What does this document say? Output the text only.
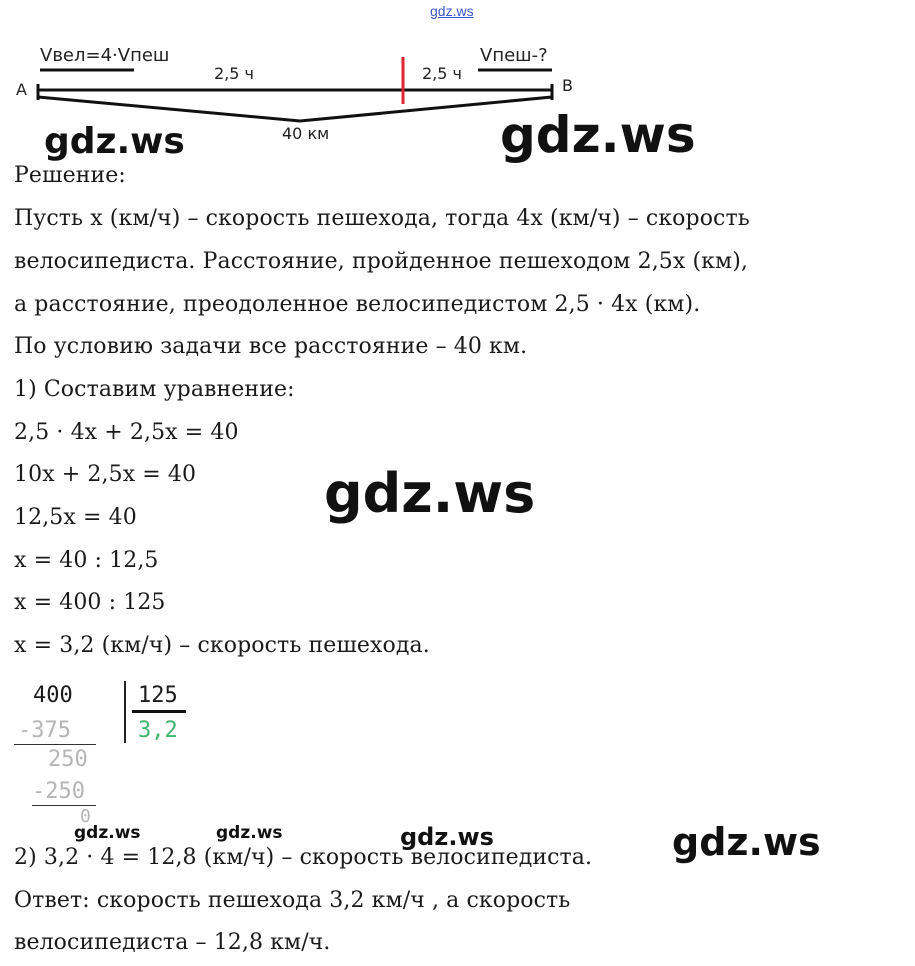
gdz.ws
Vвел=4·Vпеш	Vпеш-?
2,5 ч	2,5 ч
A	B
40 км
gdz.ws	gdz.ws
gdz.ws
Решение:
Пусть x (км/ч) – скорость пешехода, тогда 4x (км/ч) – скорость
велосипедиста. Расстояние, пройденное пешеходом 2,5x (км),
а расстояние, преодоленное велосипедистом 2,5 · 4x (км).
По условию задачи все расстояние – 40 км.
1) Составим уравнение:
2,5 · 4x + 2,5x = 40
10x + 2,5x = 40
12,5x = 40
x = 40 : 12,5
x = 400 : 125
x = 3,2 (км/ч) – скорость пешехода.
400	125
3,2
-375
250
-250
0
gdz.ws	gdz.ws	gdz.ws	gdz.ws
2) 3,2 · 4 = 12,8 (км/ч) – скорость велосипедиста.
Ответ: скорость пешехода 3,2 км/ч , а скорость
велосипедиста – 12,8 км/ч.
